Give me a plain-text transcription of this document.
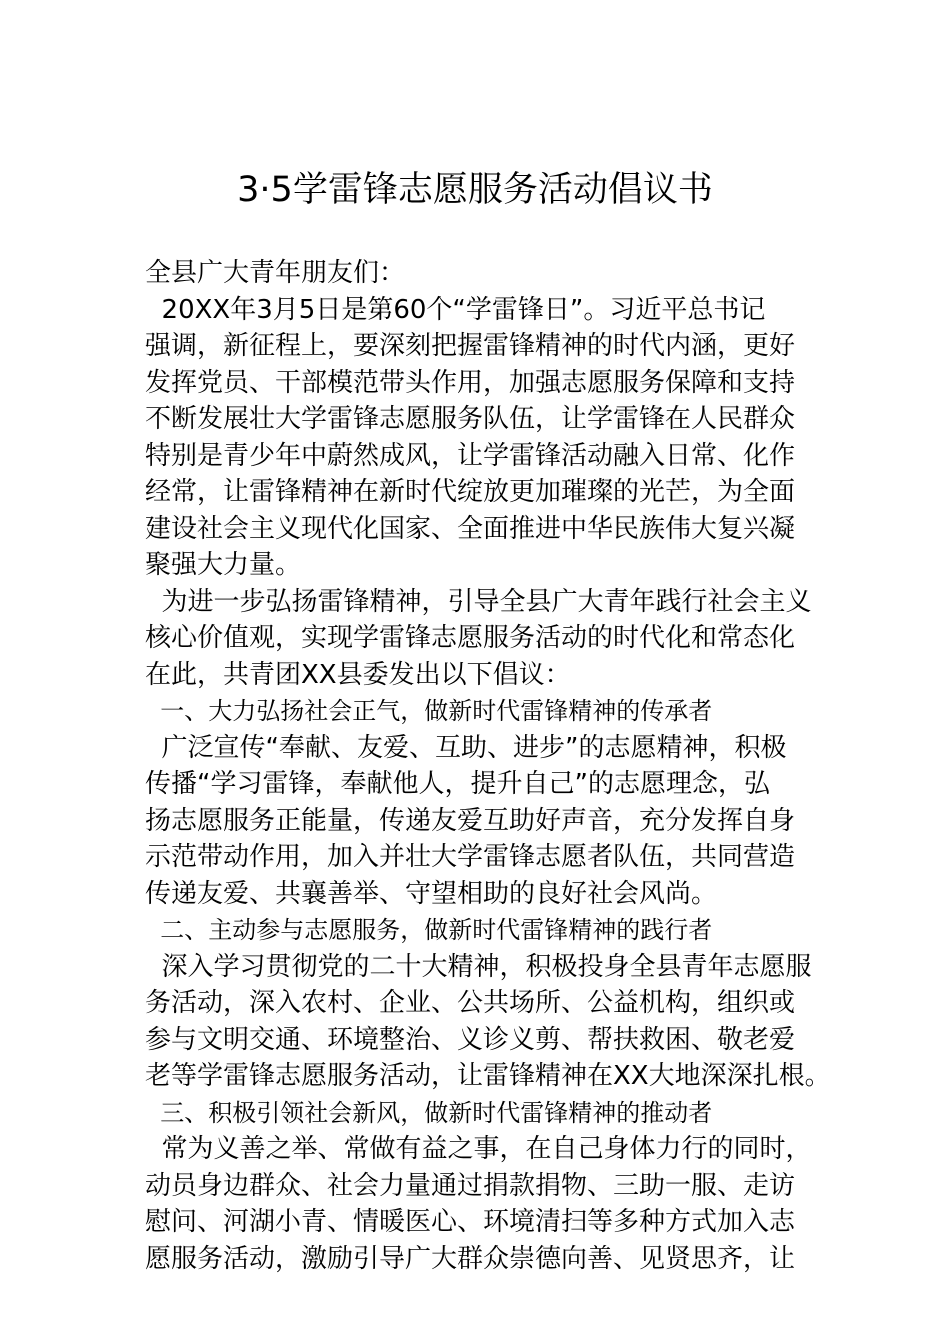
3·5学雷锋志愿服务活动倡议书
全县广大青年朋友们：
20XX年3月5日是第60个“学雷锋日”。习近平总书记
强调，新征程上，要深刻把握雷锋精神的时代内涵，更好
发挥党员、干部模范带头作用，加强志愿服务保障和支持
不断发展壮大学雷锋志愿服务队伍，让学雷锋在人民群众
特别是青少年中蔚然成风，让学雷锋活动融入日常、化作
经常，让雷锋精神在新时代绽放更加璀璨的光芒，为全面
建设社会主义现代化国家、全面推进中华民族伟大复兴凝
聚强大力量。
为进一步弘扬雷锋精神，引导全县广大青年践行社会主义
核心价值观，实现学雷锋志愿服务活动的时代化和常态化
在此，共青团XX县委发出以下倡议：
一、大力弘扬社会正气，做新时代雷锋精神的传承者
广泛宣传“奉献、友爱、互助、进步”的志愿精神，积极
传播“学习雷锋，奉献他人，提升自己”的志愿理念，弘
扬志愿服务正能量，传递友爱互助好声音，充分发挥自身
示范带动作用，加入并壮大学雷锋志愿者队伍，共同营造
传递友爱、共襄善举、守望相助的良好社会风尚。
二、主动参与志愿服务，做新时代雷锋精神的践行者
深入学习贯彻党的二十大精神，积极投身全县青年志愿服
务活动，深入农村、企业、公共场所、公益机构，组织或
参与文明交通、环境整治、义诊义剪、帮扶救困、敬老爱
老等学雷锋志愿服务活动，让雷锋精神在XX大地深深扎根。
三、积极引领社会新风，做新时代雷锋精神的推动者
常为义善之举、常做有益之事，在自己身体力行的同时，
动员身边群众、社会力量通过捐款捐物、三助一服、走访
慰问、河湖小青、情暖医心、环境清扫等多种方式加入志
愿服务活动，激励引导广大群众崇德向善、见贤思齐，让
